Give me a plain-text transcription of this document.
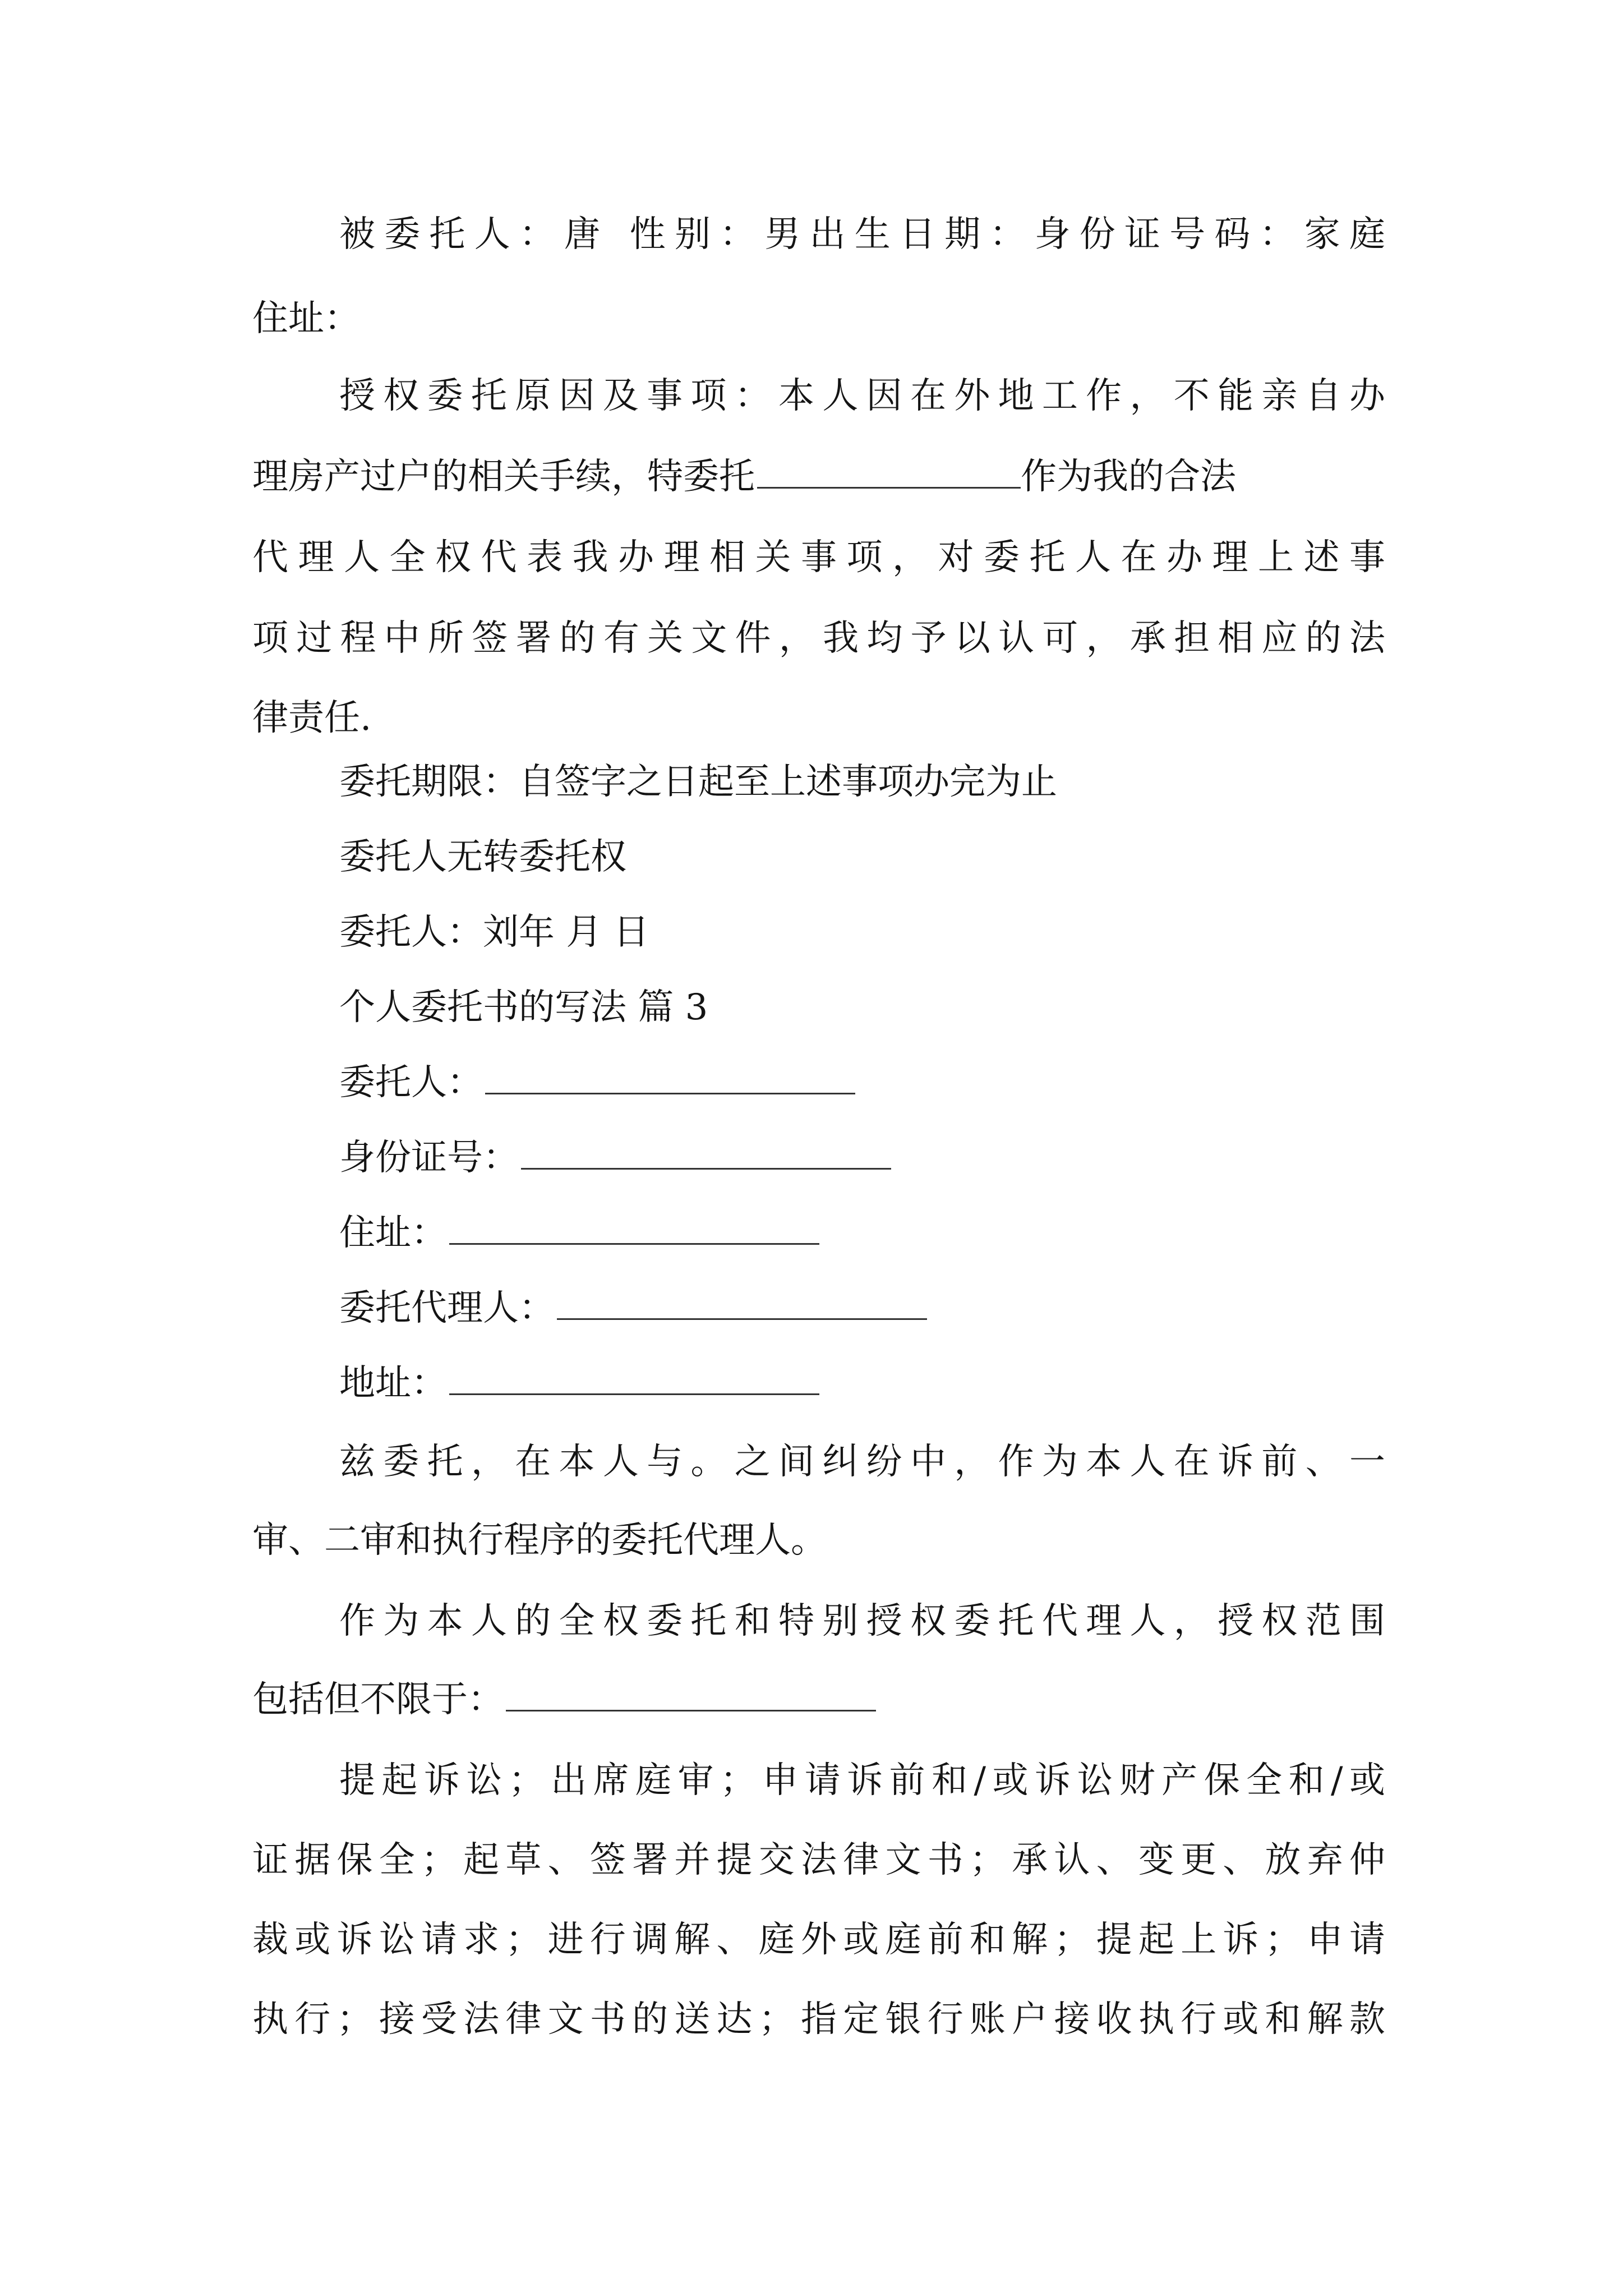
被委托人：唐 性别：男出生日期：身份证号码：家庭
住址：
授权委托原因及事项：本人因在外地工作，不能亲自办
理房产过户的相关手续，特委托	作为我的合法
代理人全权代表我办理相关事项，对委托人在办理上述事
项过程中所签署的有关文件，我均予以认可，承担相应的法
律责任.
委托期限：自签字之日起至上述事项办完为止
委托人无转委托权
委托人：刘年 月 日
个人委托书的写法 篇 3
委托人：
身份证号：
住址：
委托代理人：
地址：
兹委托，在本人与。之间纠纷中，作为本人在诉前、一
审、二审和执行程序的委托代理人。
作为本人的全权委托和特别授权委托代理人，授权范围
包括但不限于：
提起诉讼；出席庭审；申请诉前和/或诉讼财产保全和/或
证据保全；起草、签署并提交法律文书；承认、变更、放弃仲
裁或诉讼请求；进行调解、庭外或庭前和解；提起上诉；申请
执行；接受法律文书的送达；指定银行账户接收执行或和解款
